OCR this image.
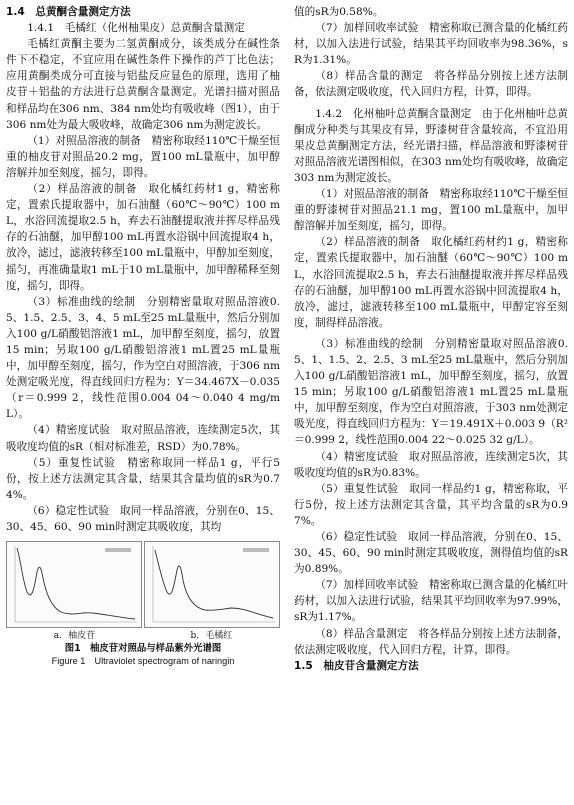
1.4　总黄酮含量测定方法

1.4.1　毛橘红（化州柚果皮）总黄酮含量测定

毛橘红黄酮主要为二氢黄酮成分，该类成分在碱性条件下不稳定，不宜应用在碱性条件下操作的芦丁比色法；应用黄酮类成分可直接与铝盐反应显色的原理，选用了柚皮苷＋铝盐的方法进行总黄酮含量测定。光谱扫描对照品和样品均在306 nm、384 nm处均有吸收峰（图1），由于306 nm处为最大吸收峰，故确定306 nm为测定波长。

（1）对照品溶液的制备　精密称取经110℃干燥至恒重的柚皮苷对照品20.2 mg，置100 mL量瓶中，加甲醇溶解并加至刻度，摇匀，即得。

（2）样品溶液的制备　取化橘红药材1 g，精密称定，置索氏提取器中，加石油醚（60℃～90℃）100 mL，水浴回流提取2.5 h，弃去石油醚提取液并挥尽样品残存的石油醚，加甲醇100 mL再置水浴锅中回流提取4 h，放冷，滤过，滤液转移至100 mL量瓶中，甲醇加至刻度，摇匀，再准确量取1 mL于10 mL量瓶中，加甲醇稀释至刻度，摇匀，即得。

（3）标准曲线的绘制　分别精密量取对照品溶液0.5、1.5、2.5、3、4、5 mL至25 mL量瓶中，然后分别加入100 g/L硝酸铝溶液1 mL，加甲醇至刻度，摇匀，放置15 min；另取100 g/L硝酸铝溶液1 mL置25 mL量瓶中，加甲醇至刻度，摇匀，作为空白对照溶液，于306 nm处测定吸光度，得直线回归方程为：Y＝34.467X－0.035（r＝0.999 2，线性范围0.004 04～0.040 4 mg/mL）。

（4）精密度试验　取对照品溶液，连续测定5次，其吸收度均值的sR（相对标准差，RSD）为0.78%。

（5）重复性试验　精密称取同一样品1 g，平行5份，按上述方法测定其含量，结果其含量均值的sR为0.74%。

（6）稳定性试验　取同一样品溶液，分别在0、15、30、45、60、90 min时测定其吸收度，其均

a．柚皮苷	b．毛橘红
图1　柚皮苷对照品与样品紫外光谱图
Figure 1　Ultraviolet spectrogram of naringin

值的sR为0.58%。

（7）加样回收率试验　精密称取已测含量的化橘红药材，以加入法进行试验，结果其平均回收率为98.36%，sR为1.31%。

（8）样品含量的测定　将各样品分别按上述方法制备，依法测定吸收度，代入回归方程，计算，即得。

1.4.2　化州柚叶总黄酮含量测定　由于化州柚叶总黄酮成分种类与其果皮有异，野漆树苷含量较高，不宜沿用果皮总黄酮测定方法，经光谱扫描，样品溶液和野漆树苷对照品溶液光谱图相似，在303 nm处均有吸收峰，故确定303 nm为测定波长。

（1）对照品溶液的制备　精密称取经110℃干燥至恒重的野漆树苷对照品21.1 mg，置100 mL量瓶中，加甲醇溶解并加至刻度，摇匀，即得。

（2）样品溶液的制备　取化橘红药材约1 g，精密称定，置索氏提取器中，加石油醚（60℃～90℃）100 mL，水浴回流提取2.5 h，弃去石油醚提取液并挥尽样品残存的石油醚，加甲醇100 mL再置水浴锅中回流提取4 h，放冷，滤过，滤液转移至100 mL量瓶中，甲醇定容至刻度，制得样品溶液。

（3）标准曲线的绘制　分别精密量取对照品溶液0.5、1、1.5、2、2.5、3 mL至25 mL量瓶中，然后分别加入100 g/L硝酸铝溶液1 mL，加甲醇至刻度，摇匀，放置15 min；另取100 g/L硝酸铝溶液1 mL置25 mL量瓶中，加甲醇至刻度，作为空白对照溶液，于303 nm处测定吸光度，得直线回归方程为：Y＝19.491X＋0.003 9（R²＝0.999 2，线性范围0.004 22～0.025 32 g/L）。

（4）精密度试验　取对照品溶液，连续测定5次，其吸收度均值的sR为0.83%。

（5）重复性试验　取同一样品约1 g，精密称取，平行5份，按上述方法测定其含量，其平均含量的sR为0.97%。

（6）稳定性试验　取同一样品溶液，分别在0、15、30、45、60、90 min时测定其吸收度，测得值均值的sR为0.89%。

（7）加样回收率试验　精密称取已测含量的化橘红叶药材，以加入法进行试验，结果其平均回收率为97.99%，sR为1.17%。

（8）样品含量测定　将各样品分别按上述方法制备，依法测定吸收度，代入回归方程，计算，即得。

1.5　柚皮苷含量测定方法
